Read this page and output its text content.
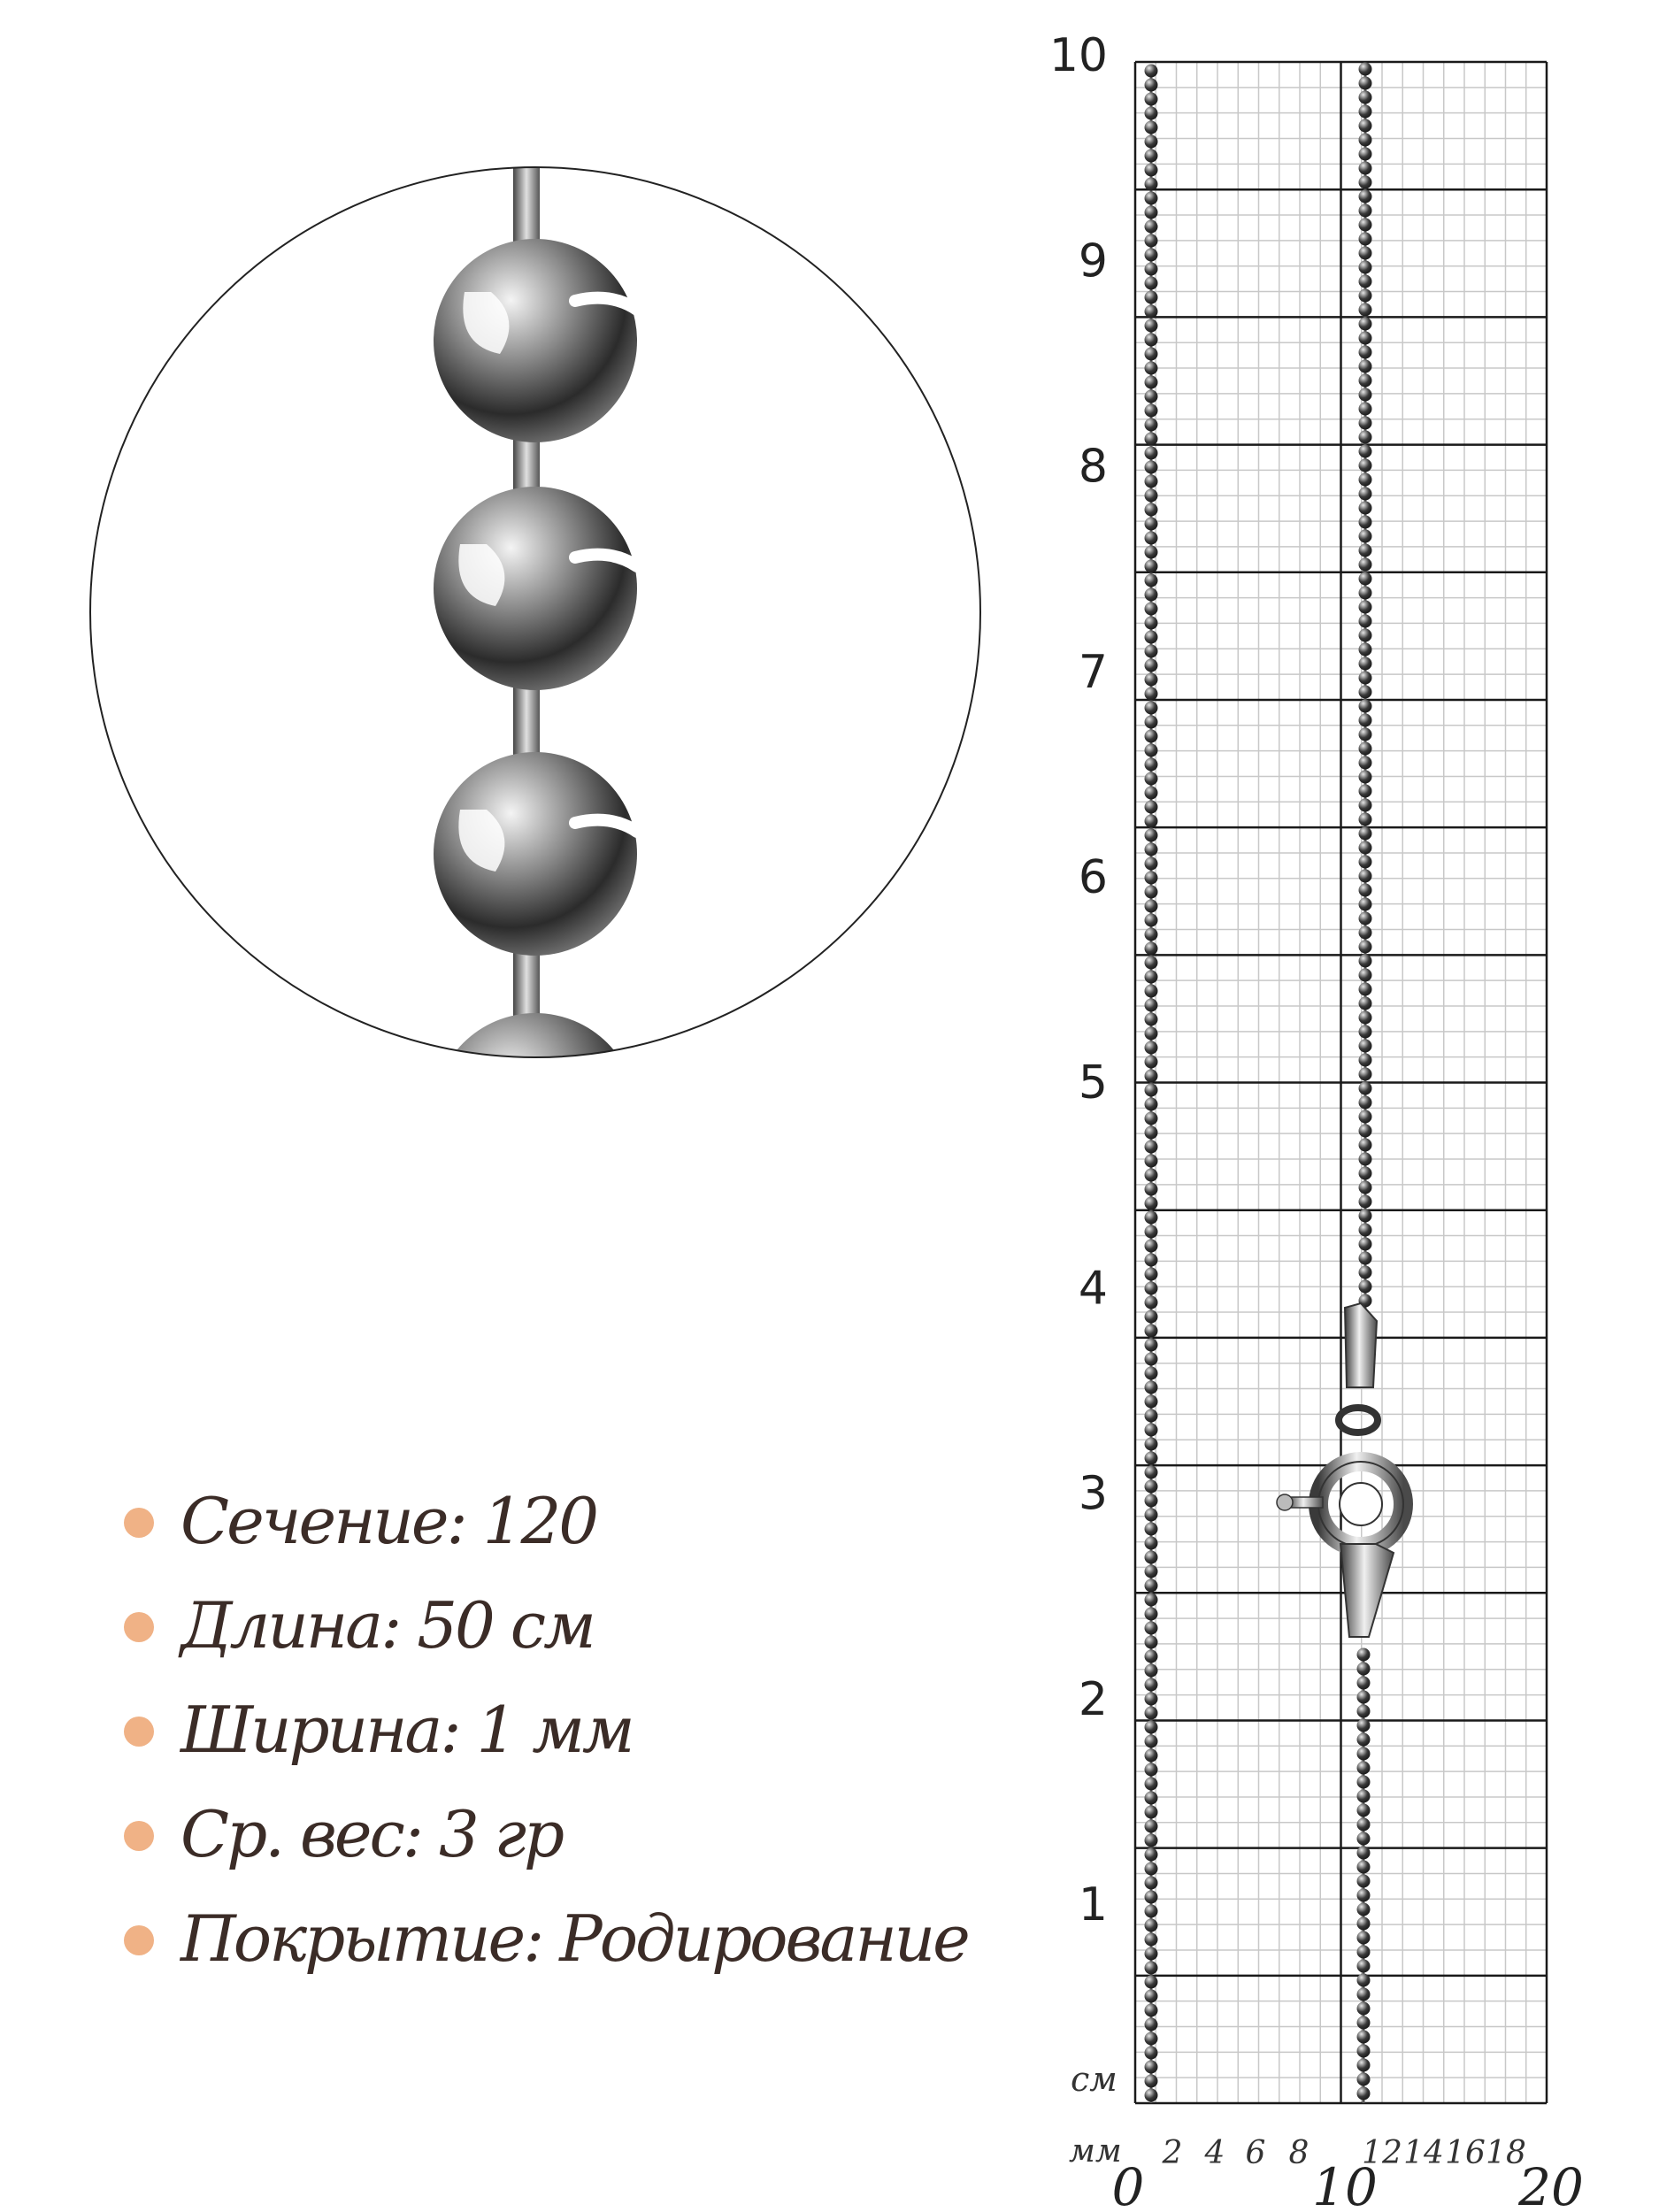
1
2
3
4
5
6
7
8
9
10
см
мм 2 4 6 8 12 14 16 18
0	10	20
Сечение: 120
Длина: 50 см
Ширина: 1 мм
Ср. вес: 3 гр
Покрытие: Родирование
